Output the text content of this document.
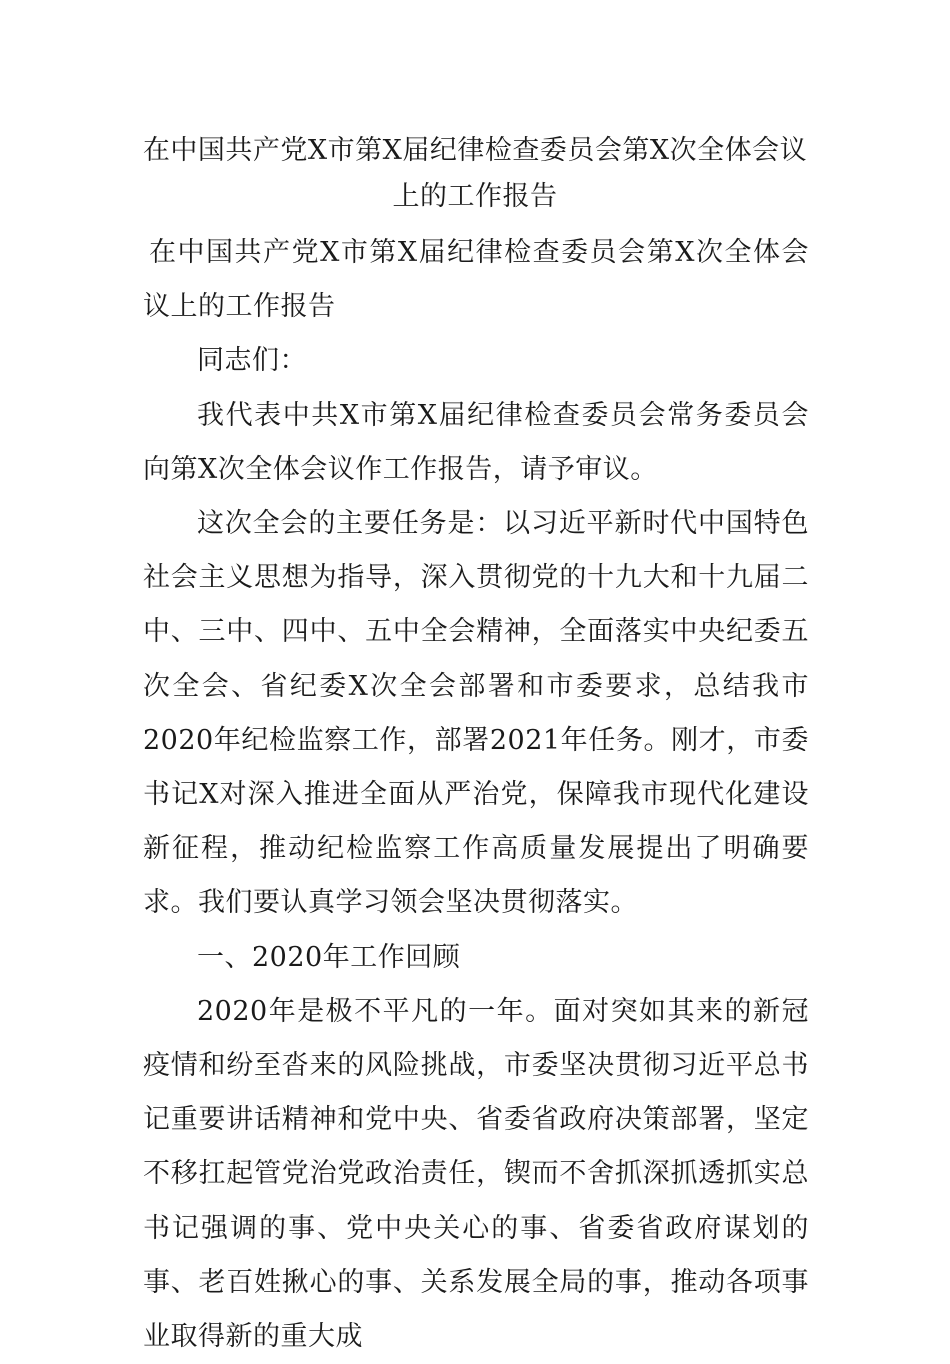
在中国共产党X市第X届纪律检查委员会第X次全体会议上的工作报告

在中国共产党X市第X届纪律检查委员会第X次全体会议上的工作报告

同志们：

我代表中共X市第X届纪律检查委员会常务委员会向第X次全体会议作工作报告，请予审议。

这次全会的主要任务是：以习近平新时代中国特色社会主义思想为指导，深入贯彻党的十九大和十九届二中、三中、四中、五中全会精神，全面落实中央纪委五次全会、省纪委X次全会部署和市委要求，总结我市2020年纪检监察工作，部署2021年任务。刚才，市委书记X对深入推进全面从严治党，保障我市现代化建设新征程，推动纪检监察工作高质量发展提出了明确要求。我们要认真学习领会坚决贯彻落实。

一、2020年工作回顾

2020年是极不平凡的一年。面对突如其来的新冠疫情和纷至沓来的风险挑战，市委坚决贯彻习近平总书记重要讲话精神和党中央、省委省政府决策部署，坚定不移扛起管党治党政治责任，锲而不舍抓深抓透抓实总书记强调的事、党中央关心的事、省委省政府谋划的事、老百姓揪心的事、关系发展全局的事，推动各项事业取得新的重大成
